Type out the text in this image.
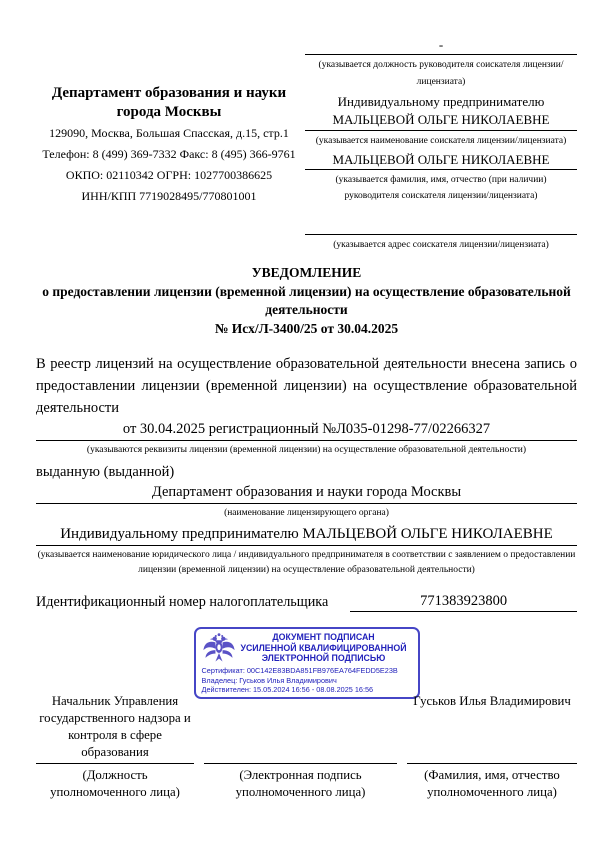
Департамент образования и науки города Москвы
129090, Москва, Большая Спасская, д.15, стр.1
Телефон: 8 (499) 369-7332 Факс: 8 (495) 366-9761
ОКПО: 02110342 ОГРН: 1027700386625
ИНН/КПП 7719028495/770801001
-
(указывается должность руководителя соискателя лицензии/лицензиата)
Индивидуальному предпринимателю МАЛЬЦЕВОЙ ОЛЬГЕ НИКОЛАЕВНЕ
(указывается наименование соискателя лицензии/лицензиата)
МАЛЬЦЕВОЙ ОЛЬГЕ НИКОЛАЕВНЕ
(указывается фамилия, имя, отчество (при наличии) руководителя соискателя лицензии/лицензиата)
(указывается адрес соискателя лицензии/лицензиата)
УВЕДОМЛЕНИЕ
о предоставлении лицензии (временной лицензии) на осуществление образовательной деятельности
№ Исх/Л-3400/25 от 30.04.2025
В реестр лицензий на осуществление образовательной деятельности внесена запись о предоставлении лицензии (временной лицензии) на осуществление образовательной деятельности
от 30.04.2025 регистрационный №Л035-01298-77/02266327
(указываются реквизиты лицензии (временной лицензии) на осуществление образовательной деятельности)
выданную (выданной)
Департамент образования и науки города Москвы
(наименование лицензирующего органа)
Индивидуальному предпринимателю МАЛЬЦЕВОЙ ОЛЬГЕ НИКОЛАЕВНЕ
(указывается наименование юридического лица / индивидуального предпринимателя в соответствии с заявлением о предоставлении лицензии (временной лицензии) на осуществление образовательной деятельности)
Идентификационный номер налогоплательщика	771383923800
ДОКУМЕНТ ПОДПИСАН
УСИЛЕННОЙ КВАЛИФИЦИРОВАННОЙ
ЭЛЕКТРОННОЙ ПОДПИСЬЮ
Сертификат: 00C142E83BDA851FB976EA764FEDD5E23B
Владелец: Гуськов Илья Владимирович
Действителен: 15.05.2024 16:56 - 08.08.2025 16:56
Начальник Управления государственного надзора и контроля в сфере образования
(Должность уполномоченного лица)
(Электронная подпись уполномоченного лица)
Гуськов Илья Владимирович
(Фамилия, имя, отчество уполномоченного лица)
